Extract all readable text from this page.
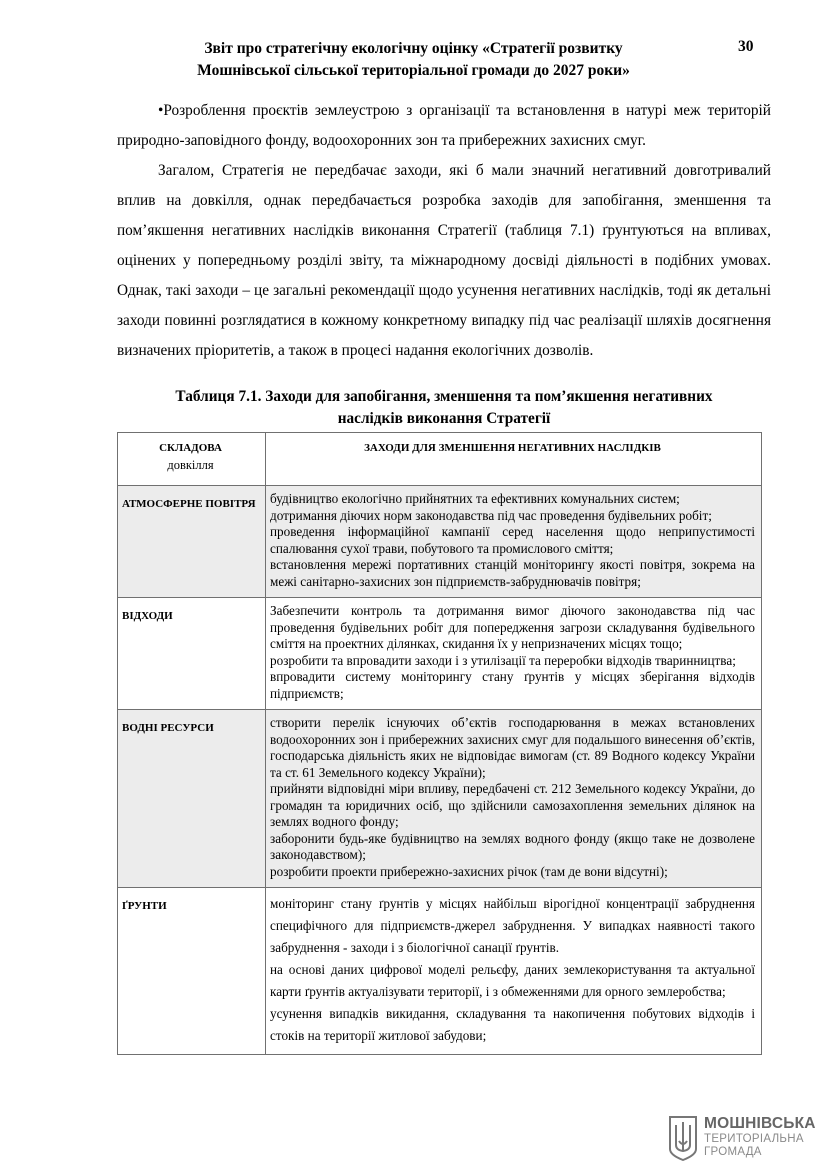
Звіт про стратегічну екологічну оцінку «Стратегії розвитку
Мошнівської сільської територіальної громади до 2027 роки»
30

•Розроблення проєктів землеустрою з організації та встановлення в натурі меж територій природно-заповідного фонду, водоохоронних зон та прибережних захисних смуг.

Загалом, Стратегія не передбачає заходи, які б мали значний негативний довготривалий вплив на довкілля, однак передбачається розробка заходів для запобігання, зменшення та пом’якшення негативних наслідків виконання Стратегії (таблиця 7.1) ґрунтуються на впливах, оцінених у попередньому розділі звіту, та міжнародному досвіді діяльності в подібних умовах. Однак, такі заходи – це загальні рекомендації щодо усунення негативних наслідків, тоді як детальні заходи повинні розглядатися в кожному конкретному випадку під час реалізації шляхів досягнення визначених пріоритетів, а також в процесі надання екологічних дозволів.

Таблиця 7.1. Заходи для запобігання, зменшення та пом’якшення негативних
наслідків виконання Стратегії
СКЛАДОВА
довкілля	ЗАХОДИ ДЛЯ ЗМЕНШЕННЯ НЕГАТИВНИХ НАСЛІДКІВ
АТМОСФЕРНЕ ПОВІТРЯ	будівництво екологічно прийнятних та ефективних комунальних систем;
дотримання діючих норм законодавства під час проведення будівельних робіт;
проведення інформаційної кампанії серед населення щодо неприпустимості спалювання сухої трави, побутового та промислового сміття;
встановлення мережі портативних станцій моніторингу якості повітря, зокрема на межі санітарно-захисних зон підприємств-забруднювачів повітря;

ВІДХОДИ	Забезпечити контроль та дотримання вимог діючого законодавства під час проведення будівельних робіт для попередження загрози складування будівельного сміття на проектних ділянках, скидання їх у непризначених місцях тощо;
розробити та впровадити заходи і з утилізації та переробки відходів тваринництва;
впровадити систему моніторингу стану ґрунтів у місцях зберігання відходів підприємств;

ВОДНІ РЕСУРСИ	створити перелік існуючих об’єктів господарювання в межах встановлених водоохоронних зон і прибережних захисних смуг для подальшого винесення об’єктів, господарська діяльність яких не відповідає вимогам (ст. 89 Водного кодексу України та ст. 61 Земельного кодексу України);
прийняти відповідні міри впливу, передбачені ст. 212 Земельного кодексу України, до громадян та юридичних осіб, що здійснили самозахоплення земельних ділянок на землях водного фонду;
заборонити будь-яке будівництво на землях водного фонду (якщо таке не дозволене законодавством);
розробити проекти прибережно-захисних річок (там де вони відсутні);

ҐРУНТИ	моніторинг стану ґрунтів у місцях найбільш вірогідної концентрації забруднення специфічного для підприємств-джерел забруднення. У випадках наявності такого забруднення - заходи і з біологічної санації ґрунтів.
на основі даних цифрової моделі рельєфу, даних землекористування та актуальної карти ґрунтів актуалізувати території, і з обмеженнями для орного землеробства;
усунення випадків викидання, складування та накопичення побутових відходів і стоків на території житлової забудови;
МОШНІВСЬКА
ТЕРИТОРІАЛЬНА
ГРОМАДА
